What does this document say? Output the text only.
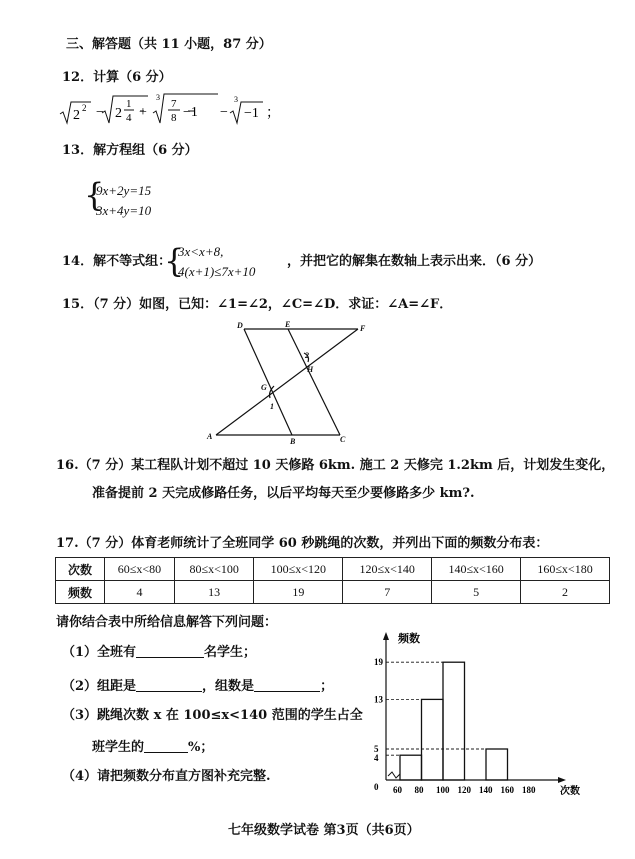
三、解答题（共 11 小题，87 分）
12．计算（6 分）
2 2 − 2
1
4 +
3
7
8 −1 −
3
−1 ；
13．解方程组（6 分）
{
9x+2y=15
3x+4y=10
14．解不等式组：
{
3x<x+8,
4(x+1)≤7x+10
，并把它的解集在数轴上表示出来．（6 分）
15．（7 分）如图，已知：∠1=∠2，∠C=∠D．求证：∠A=∠F．
D	E	F
H
G
A
B	C
1
2
16.（7 分）某工程队计划不超过 10 天修路 6km. 施工 2 天修完 1.2km 后，计划发生变化，
准备提前 2 天完成修路任务，以后平均每天至少要修路多少 km?.
17.（7 分）体育老师统计了全班同学 60 秒跳绳的次数，并列出下面的频数分布表：
次数	60≤x<80	80≤x<100	100≤x<120	120≤x<140	140≤x<160	160≤x<180
频数	4	13	19	7	5	2
请你结合表中所给信息解答下列问题：
（1）全班有	名学生；
（2）组距是	，组数是	；
（3）跳绳次数 x 在 100≤x<140 范围的学生占全
班学生的	%；
（4）请把频数分布直方图补充完整.
频数
次数
0 60 80 100 120 140 160 180
4
5
13
19
七年级数学试卷 第3页（共6页）
